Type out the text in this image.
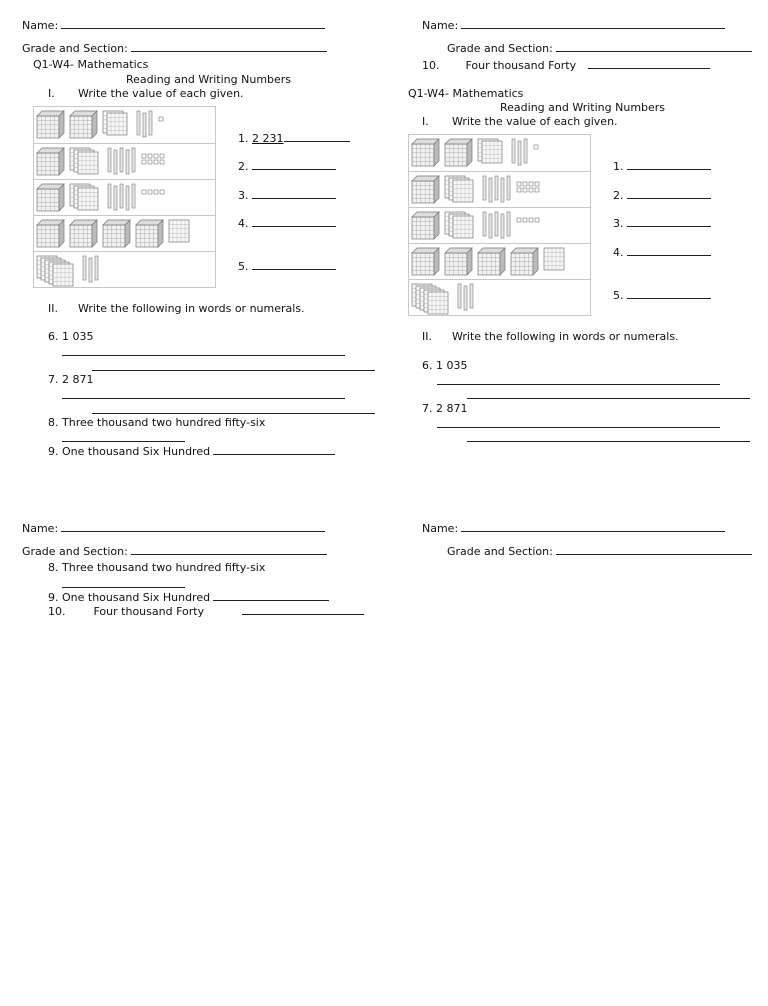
Name:
Grade and Section:
Q1-W4- Mathematics
Reading and Writing Numbers
I. Write the value of each given.
1. 2 231
2.
3.
4.
5.
II. Write the following in words or numerals.
6. 1 035
7. 2 871
8. Three thousand two hundred fifty-six
9. One thousand Six Hundred
Name:
Grade and Section:
10. Four thousand Forty
Q1-W4- Mathematics
Reading and Writing Numbers
I. Write the value of each given.
1.
2.
3.
4.
5.
II. Write the following in words or numerals.
6. 1 035
7. 2 871
Name:
Grade and Section:
8. Three thousand two hundred fifty-six
9. One thousand Six Hundred
10.	Four thousand Forty
Name:
Grade and Section:
